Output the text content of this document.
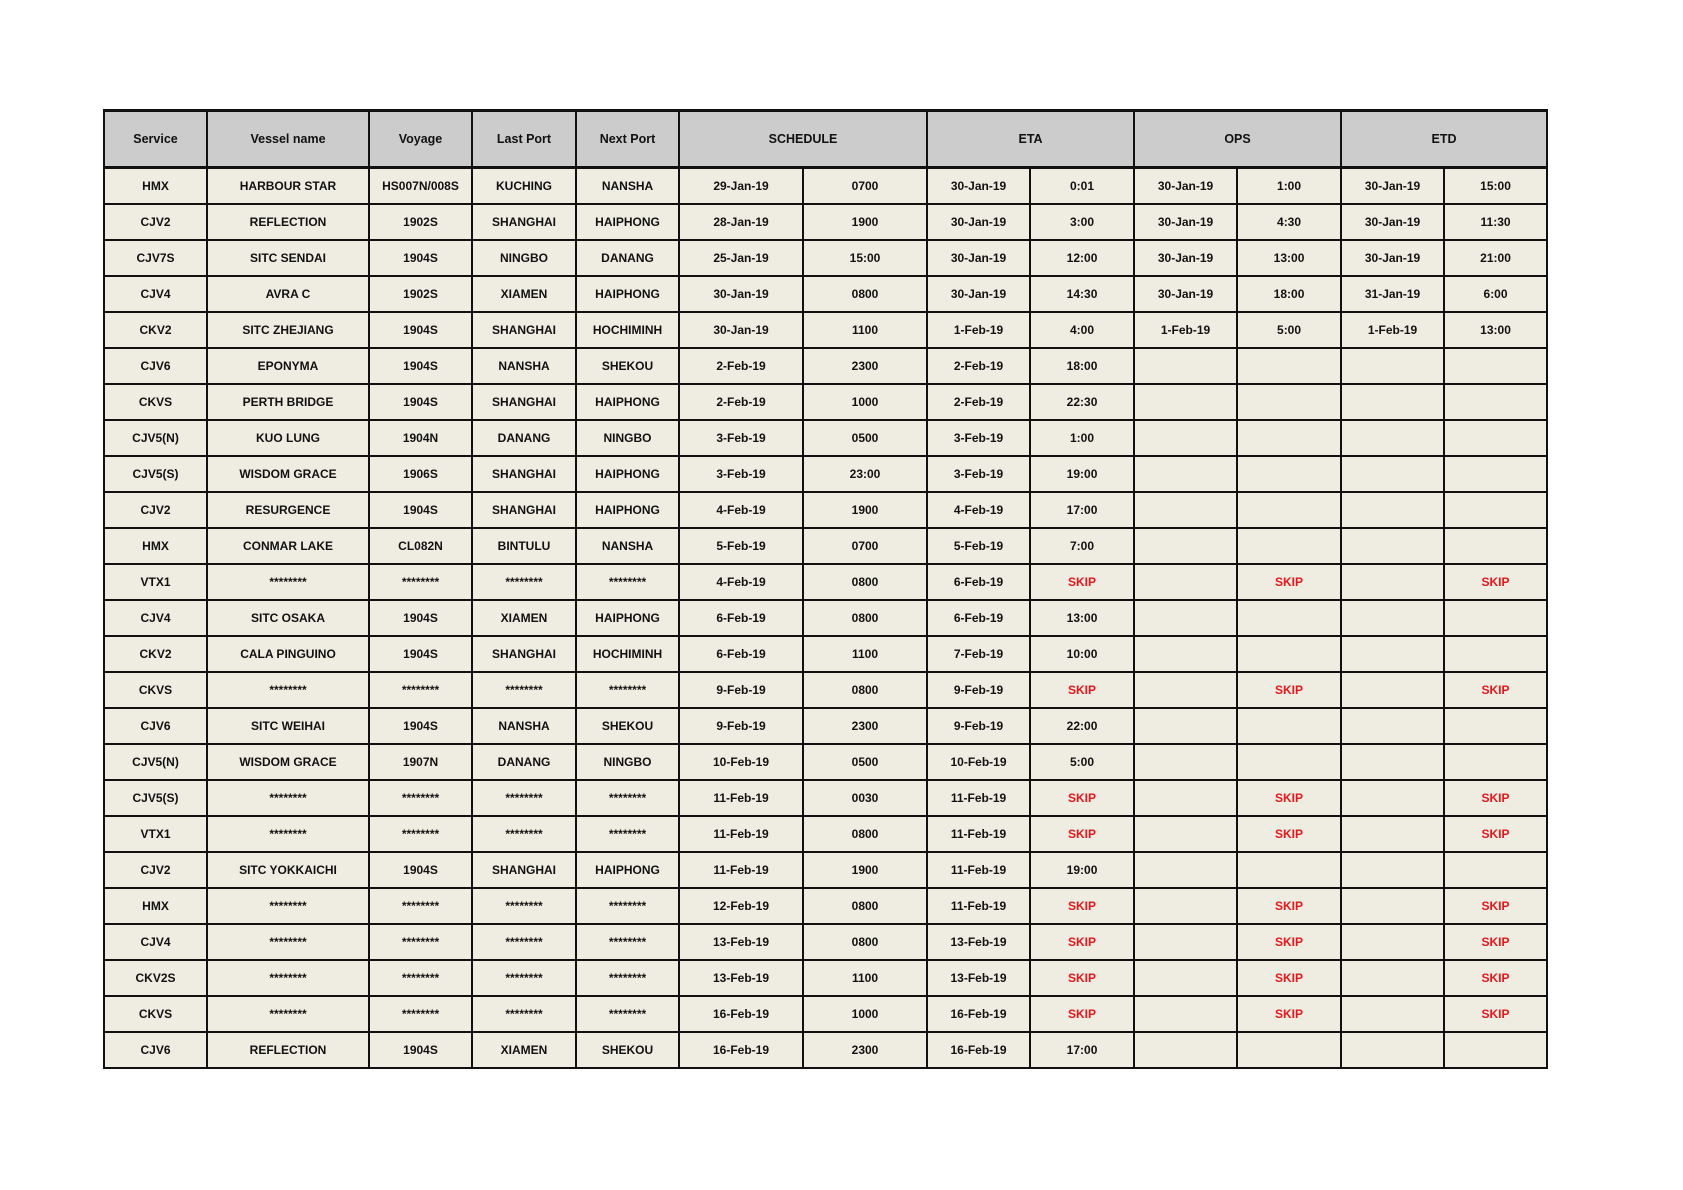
Service	Vessel name	Voyage	Last Port	Next Port	SCHEDULE		ETA		OPS		ETD	
HMX	HARBOUR STAR	HS007N/008S	KUCHING	NANSHA	29-Jan-19	0700	30-Jan-19	0:01	30-Jan-19	1:00	30-Jan-19	15:00
CJV2	REFLECTION	1902S	SHANGHAI	HAIPHONG	28-Jan-19	1900	30-Jan-19	3:00	30-Jan-19	4:30	30-Jan-19	11:30
CJV7S	SITC SENDAI	1904S	NINGBO	DANANG	25-Jan-19	15:00	30-Jan-19	12:00	30-Jan-19	13:00	30-Jan-19	21:00
CJV4	AVRA C	1902S	XIAMEN	HAIPHONG	30-Jan-19	0800	30-Jan-19	14:30	30-Jan-19	18:00	31-Jan-19	6:00
CKV2	SITC ZHEJIANG	1904S	SHANGHAI	HOCHIMINH	30-Jan-19	1100	1-Feb-19	4:00	1-Feb-19	5:00	1-Feb-19	13:00
CJV6	EPONYMA	1904S	NANSHA	SHEKOU	2-Feb-19	2300	2-Feb-19	18:00				
CKVS	PERTH BRIDGE	1904S	SHANGHAI	HAIPHONG	2-Feb-19	1000	2-Feb-19	22:30				
CJV5(N)	KUO LUNG	1904N	DANANG	NINGBO	3-Feb-19	0500	3-Feb-19	1:00				
CJV5(S)	WISDOM GRACE	1906S	SHANGHAI	HAIPHONG	3-Feb-19	23:00	3-Feb-19	19:00				
CJV2	RESURGENCE	1904S	SHANGHAI	HAIPHONG	4-Feb-19	1900	4-Feb-19	17:00				
HMX	CONMAR LAKE	CL082N	BINTULU	NANSHA	5-Feb-19	0700	5-Feb-19	7:00				
VTX1	********	********	********	********	4-Feb-19	0800	6-Feb-19	SKIP		SKIP		SKIP
CJV4	SITC OSAKA	1904S	XIAMEN	HAIPHONG	6-Feb-19	0800	6-Feb-19	13:00				
CKV2	CALA PINGUINO	1904S	SHANGHAI	HOCHIMINH	6-Feb-19	1100	7-Feb-19	10:00				
CKVS	********	********	********	********	9-Feb-19	0800	9-Feb-19	SKIP		SKIP		SKIP
CJV6	SITC WEIHAI	1904S	NANSHA	SHEKOU	9-Feb-19	2300	9-Feb-19	22:00				
CJV5(N)	WISDOM GRACE	1907N	DANANG	NINGBO	10-Feb-19	0500	10-Feb-19	5:00				
CJV5(S)	********	********	********	********	11-Feb-19	0030	11-Feb-19	SKIP		SKIP		SKIP
VTX1	********	********	********	********	11-Feb-19	0800	11-Feb-19	SKIP		SKIP		SKIP
CJV2	SITC YOKKAICHI	1904S	SHANGHAI	HAIPHONG	11-Feb-19	1900	11-Feb-19	19:00				
HMX	********	********	********	********	12-Feb-19	0800	11-Feb-19	SKIP		SKIP		SKIP
CJV4	********	********	********	********	13-Feb-19	0800	13-Feb-19	SKIP		SKIP		SKIP
CKV2S	********	********	********	********	13-Feb-19	1100	13-Feb-19	SKIP		SKIP		SKIP
CKVS	********	********	********	********	16-Feb-19	1000	16-Feb-19	SKIP		SKIP		SKIP
CJV6	REFLECTION	1904S	XIAMEN	SHEKOU	16-Feb-19	2300	16-Feb-19	17:00				
